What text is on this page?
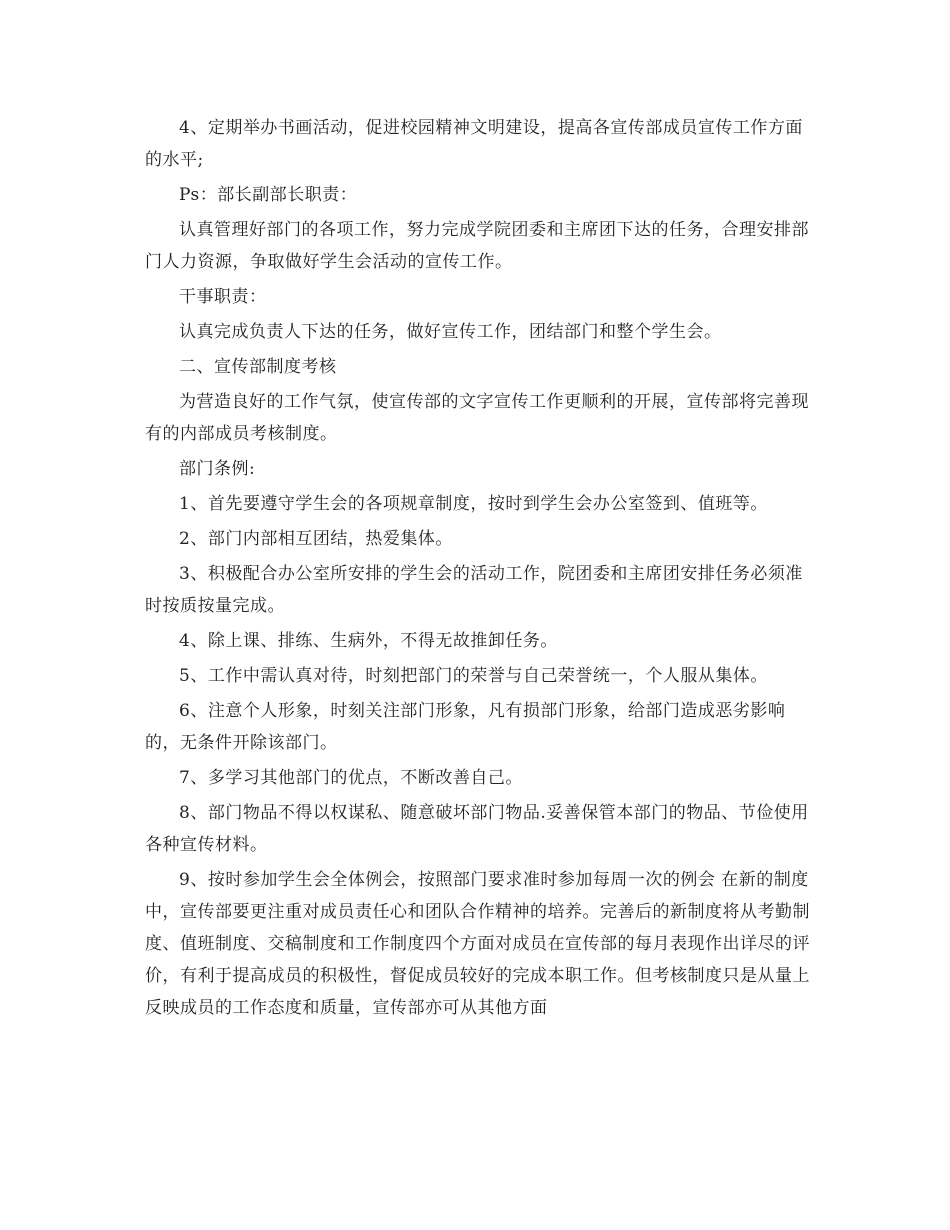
4、定期举办书画活动，促进校园精神文明建设，提高各宣传部成员宣传工作方面的水平;

Ps：部长副部长职责：

认真管理好部门的各项工作，努力完成学院团委和主席团下达的任务，合理安排部门人力资源，争取做好学生会活动的宣传工作。

干事职责：

认真完成负责人下达的任务，做好宣传工作，团结部门和整个学生会。

二、宣传部制度考核

为营造良好的工作气氛，使宣传部的文字宣传工作更顺利的开展，宣传部将完善现有的内部成员考核制度。

部门条例:

1、首先要遵守学生会的各项规章制度，按时到学生会办公室签到、值班等。

2、部门内部相互团结，热爱集体。

3、积极配合办公室所安排的学生会的活动工作，院团委和主席团安排任务必须准时按质按量完成。

4、除上课、排练、生病外，不得无故推卸任务。

5、工作中需认真对待，时刻把部门的荣誉与自己荣誉统一，个人服从集体。

6、注意个人形象，时刻关注部门形象，凡有损部门形象，给部门造成恶劣影响的，无条件开除该部门。

7、多学习其他部门的优点，不断改善自己。

8、部门物品不得以权谋私、随意破坏部门物品.妥善保管本部门的物品、节俭使用各种宣传材料。

9、按时参加学生会全体例会，按照部门要求准时参加每周一次的例会 在新的制度中，宣传部要更注重对成员责任心和团队合作精神的培养。完善后的新制度将从考勤制度、值班制度、交稿制度和工作制度四个方面对成员在宣传部的每月表现作出详尽的评价，有利于提高成员的积极性，督促成员较好的完成本职工作。但考核制度只是从量上反映成员的工作态度和质量，宣传部亦可从其他方面
